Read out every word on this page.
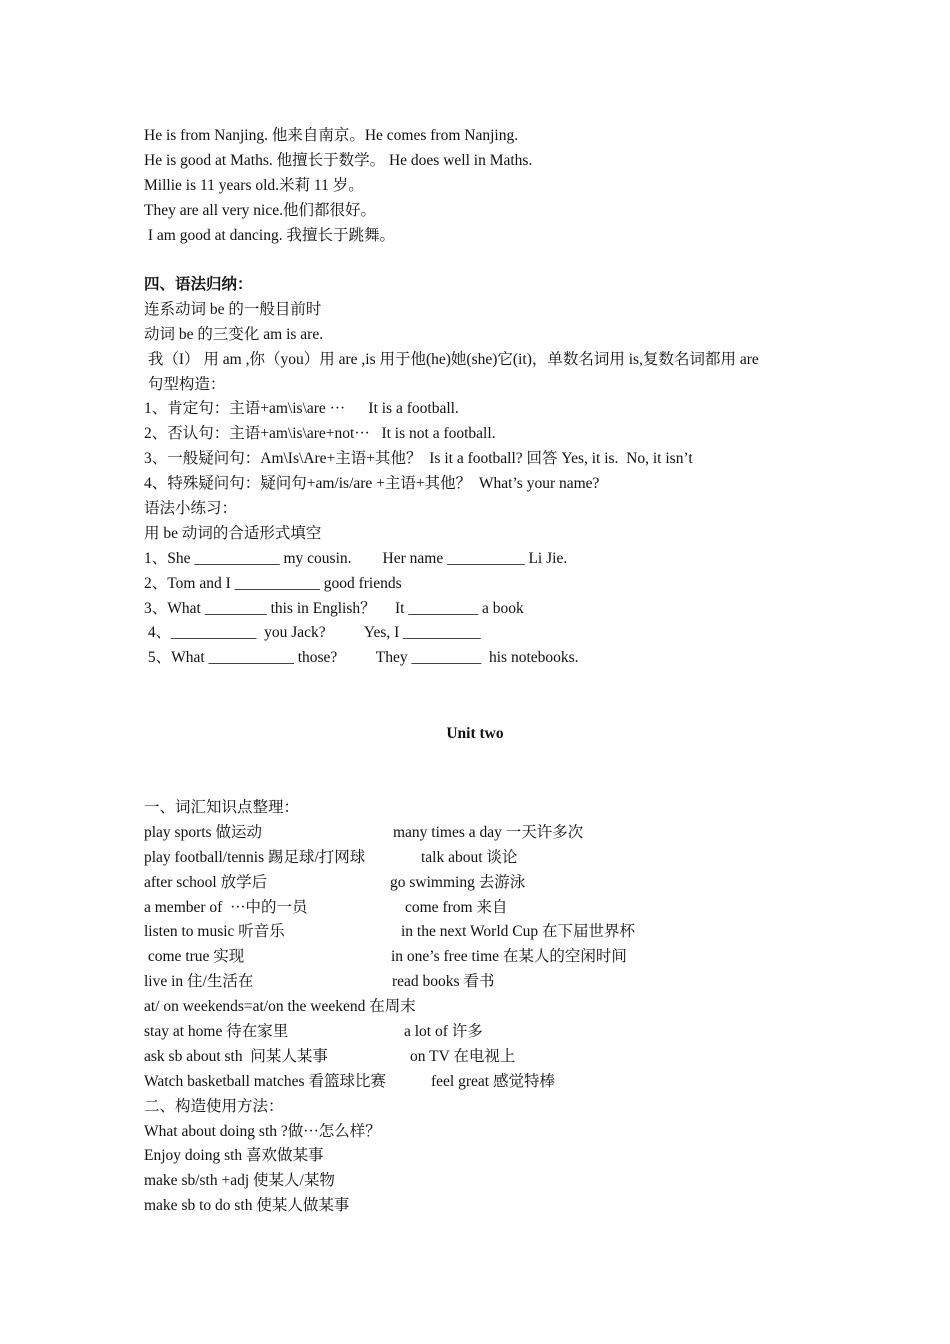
He is from Nanjing. 他来自南京。He comes from Nanjing.
He is good at Maths. 他擅长于数学。 He does well in Maths.
Millie is 11 years old.米莉 11 岁。
They are all very nice.他们都很好。
I am good at dancing. 我擅长于跳舞。
四、语法归纳：
连系动词 be 的一般目前时
动词 be 的三变化 am is are.
我（I） 用 am ,你（you）用 are ,is 用于他(he)她(she)它(it)，单数名词用 is,复数名词都用 are
句型构造：
1、肯定句：主语+am\is\are ···      It is a football.
2、否认句：主语+am\is\are+not···   It is not a football.
3、一般疑问句：Am\Is\Are+主语+其他？  Is it a football? 回答 Yes, it is.  No, it isn’t
4、特殊疑问句：疑问句+am/is/are +主语+其他？  What’s your name?
语法小练习：
用 be 动词的合适形式填空
1、She ___________ my cousin.        Her name __________ Li Jie.
2、Tom and I ___________ good friends
3、What ________ this in English？     It _________ a book
4、___________  you Jack?          Yes, I __________
5、What ___________ those?          They _________  his notebooks.
Unit two
一、词汇知识点整理：
play sports 做运动	many times a day 一天许多次
play football/tennis 踢足球/打网球	talk about 谈论
after school 放学后	go swimming 去游泳
a member of  ···中的一员	come from 来自
listen to music 听音乐	in the next World Cup 在下届世界杯
come true 实现	in one’s free time 在某人的空闲时间
live in 住/生活在	read books 看书
at/ on weekends=at/on the weekend 在周末
stay at home 待在家里	a lot of 许多
ask sb about sth  问某人某事	on TV 在电视上
Watch basketball matches 看篮球比赛	feel great 感觉特棒
二、构造使用方法：
What about doing sth ?做···怎么样？
Enjoy doing sth 喜欢做某事
make sb/sth +adj 使某人/某物
make sb to do sth 使某人做某事
